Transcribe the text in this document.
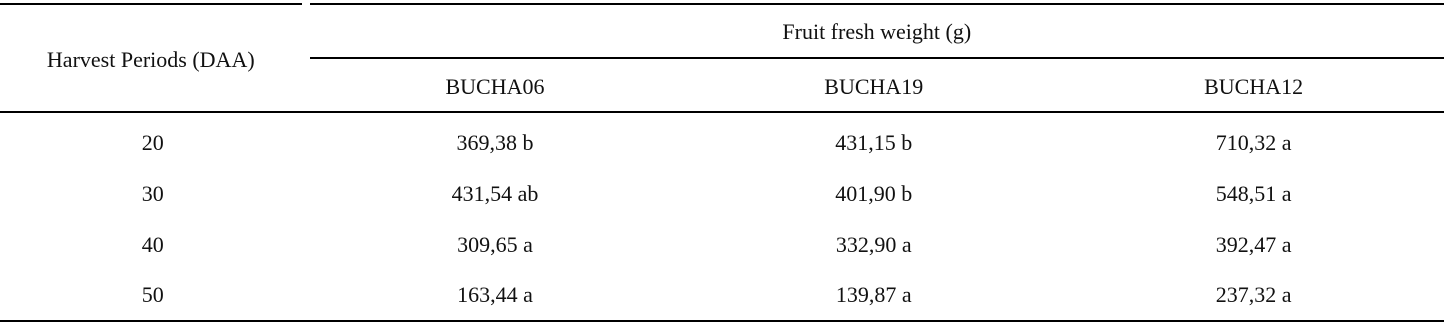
Harvest Periods (DAA)	Fruit fresh weight (g)		
	BUCHA06	BUCHA19	BUCHA12
20	369,38 b	431,15 b	710,32 a
30	431,54 ab	401,90 b	548,51 a
40	309,65 a	332,90 a	392,47 a
50	163,44 a	139,87 a	237,32 a
